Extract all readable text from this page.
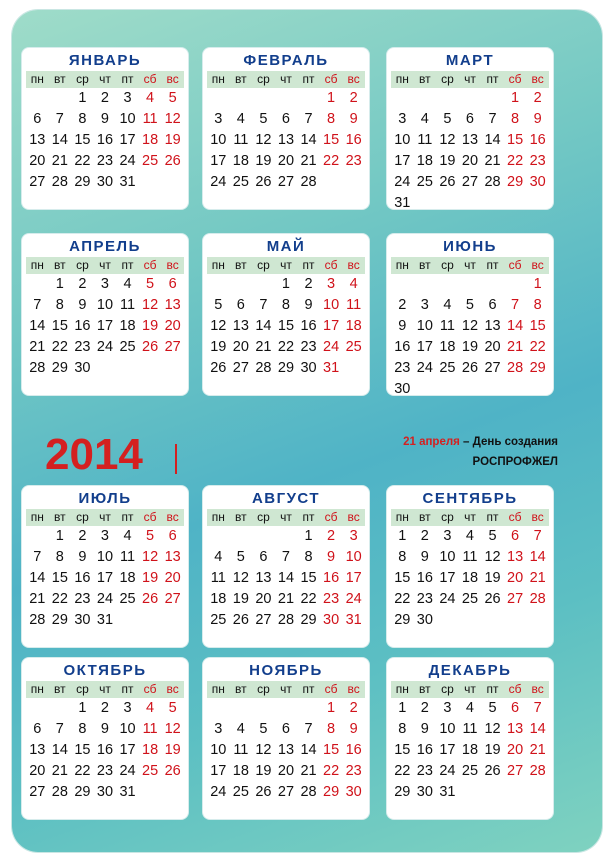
ЯНВАРЬ
пн вт ср чт пт сб вс
1 2 3 4 5
6 7 8 9 10 11 12
13 14 15 16 17 18 19
20 21 22 23 24 25 26
27 28 29 30 31
ФЕВРАЛЬ
пн вт ср чт пт сб вс
1 2
3 4 5 6 7 8 9
10 11 12 13 14 15 16
17 18 19 20 21 22 23
24 25 26 27 28
МАРТ
пн вт ср чт пт сб вс
1 2
3 4 5 6 7 8 9
10 11 12 13 14 15 16
17 18 19 20 21 22 23
24 25 26 27 28 29 30
31
АПРЕЛЬ
пн вт ср чт пт сб вс
1 2 3 4 5 6
7 8 9 10 11 12 13
14 15 16 17 18 19 20
21 22 23 24 25 26 27
28 29 30
МАЙ
пн вт ср чт пт сб вс
1 2 3 4
5 6 7 8 9 10 11
12 13 14 15 16 17 18
19 20 21 22 23 24 25
26 27 28 29 30 31
ИЮНЬ
пн вт ср чт пт сб вс
1
2 3 4 5 6 7 8
9 10 11 12 13 14 15
16 17 18 19 20 21 22
23 24 25 26 27 28 29
30
ИЮЛЬ
пн вт ср чт пт сб вс
1 2 3 4 5 6
7 8 9 10 11 12 13
14 15 16 17 18 19 20
21 22 23 24 25 26 27
28 29 30 31
АВГУСТ
пн вт ср чт пт сб вс
1 2 3
4 5 6 7 8 9 10
11 12 13 14 15 16 17
18 19 20 21 22 23 24
25 26 27 28 29 30 31
СЕНТЯБРЬ
пн вт ср чт пт сб вс
1 2 3 4 5 6 7
8 9 10 11 12 13 14
15 16 17 18 19 20 21
22 23 24 25 26 27 28
29 30
ОКТЯБРЬ
пн вт ср чт пт сб вс
1 2 3 4 5
6 7 8 9 10 11 12
13 14 15 16 17 18 19
20 21 22 23 24 25 26
27 28 29 30 31
НОЯБРЬ
пн вт ср чт пт сб вс
1 2
3 4 5 6 7 8 9
10 11 12 13 14 15 16
17 18 19 20 21 22 23
24 25 26 27 28 29 30
ДЕКАБРЬ
пн вт ср чт пт сб вс
1 2 3 4 5 6 7
8 9 10 11 12 13 14
15 16 17 18 19 20 21
22 23 24 25 26 27 28
29 30 31
2014	21 апреля – День создания
РОСПРОФЖЕЛ
